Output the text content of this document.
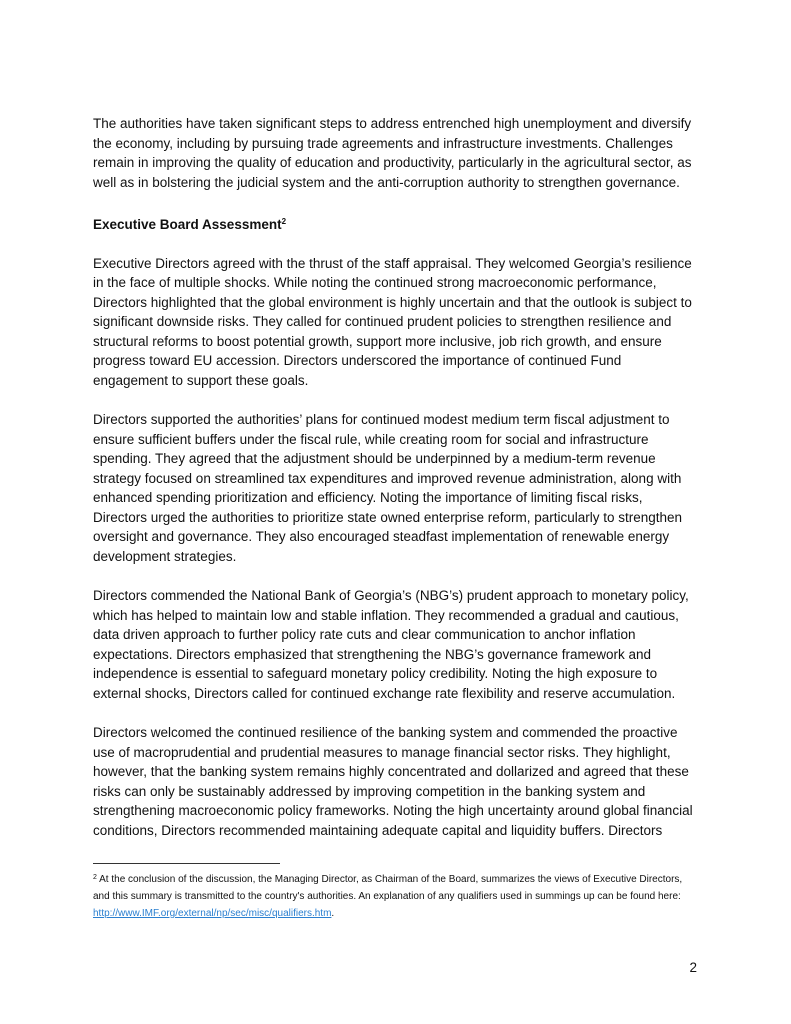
The authorities have taken significant steps to address entrenched high unemployment and diversify the economy, including by pursuing trade agreements and infrastructure investments. Challenges remain in improving the quality of education and productivity, particularly in the agricultural sector, as well as in bolstering the judicial system and the anti-corruption authority to strengthen governance.

Executive Board Assessment$^2$

Executive Directors agreed with the thrust of the staff appraisal. They welcomed Georgia’s resilience in the face of multiple shocks. While noting the continued strong macroeconomic performance, Directors highlighted that the global environment is highly uncertain and that the outlook is subject to significant downside risks. They called for continued prudent policies to strengthen resilience and structural reforms to boost potential growth, support more inclusive, job rich growth, and ensure progress toward EU accession. Directors underscored the importance of continued Fund engagement to support these goals.

Directors supported the authorities’ plans for continued modest medium term fiscal adjustment to ensure sufficient buffers under the fiscal rule, while creating room for social and infrastructure spending. They agreed that the adjustment should be underpinned by a medium-term revenue strategy focused on streamlined tax expenditures and improved revenue administration, along with enhanced spending prioritization and efficiency. Noting the importance of limiting fiscal risks, Directors urged the authorities to prioritize state owned enterprise reform, particularly to strengthen oversight and governance. They also encouraged steadfast implementation of renewable energy development strategies.

Directors commended the National Bank of Georgia’s (NBG’s) prudent approach to monetary policy, which has helped to maintain low and stable inflation. They recommended a gradual and cautious, data driven approach to further policy rate cuts and clear communication to anchor inflation expectations. Directors emphasized that strengthening the NBG’s governance framework and independence is essential to safeguard monetary policy credibility. Noting the high exposure to external shocks, Directors called for continued exchange rate flexibility and reserve accumulation.

Directors welcomed the continued resilience of the banking system and commended the proactive use of macroprudential and prudential measures to manage financial sector risks. They highlight, however, that the banking system remains highly concentrated and dollarized and agreed that these risks can only be sustainably addressed by improving competition in the banking system and strengthening macroeconomic policy frameworks. Noting the high uncertainty around global financial conditions, Directors recommended maintaining adequate capital and liquidity buffers. Directors

$^2$ At the conclusion of the discussion, the Managing Director, as Chairman of the Board, summarizes the views of Executive Directors, and this summary is transmitted to the country's authorities. An explanation of any qualifiers used in summings up can be found here: http://www.IMF.org/external/np/sec/misc/qualifiers.htm.
2
